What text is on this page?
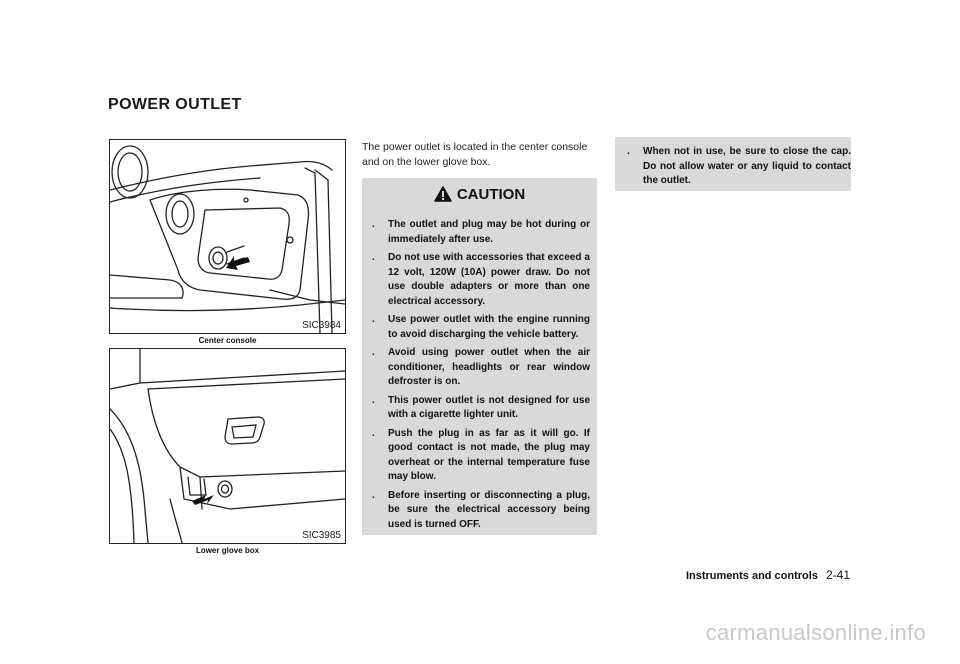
POWER OUTLET
SIC3984
Center console
SIC3985
Lower glove box
The power outlet is located in the center console and on the lower glove box.
CAUTION
. The outlet and plug may be hot during or immediately after use.
. Do not use with accessories that exceed a 12 volt, 120W (10A) power draw. Do not use double adapters or more than one electrical accessory.
. Use power outlet with the engine running to avoid discharging the vehicle battery.
. Avoid using power outlet when the air conditioner, headlights or rear window defroster is on.
. This power outlet is not designed for use with a cigarette lighter unit.
. Push the plug in as far as it will go. If good contact is not made, the plug may overheat or the internal temperature fuse may blow.
. Before inserting or disconnecting a plug, be sure the electrical accessory being used is turned OFF.
. When not in use, be sure to close the cap. Do not allow water or any liquid to contact the outlet.
Instruments and controls 2-41
carmanualsonline.info
